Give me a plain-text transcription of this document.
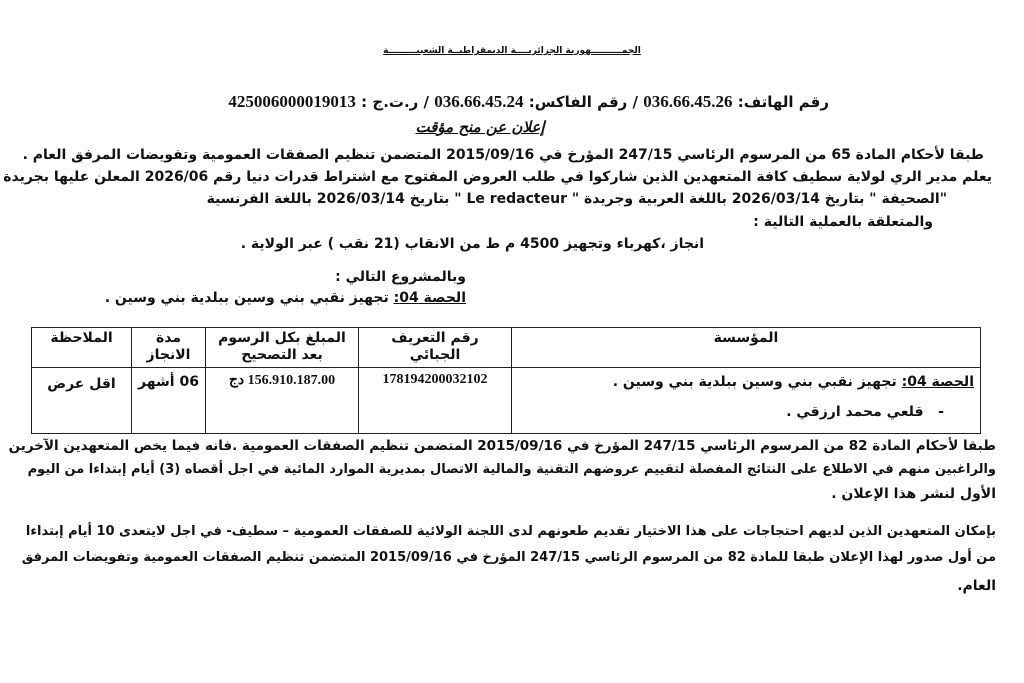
الجمــــــــــهورية الجزائريــــة الديمقراطيــة الشعبيـــــــــة
رقم الهاتف: 036.66.45.26 / رقم الفاكس: 036.66.45.24 / ر.ت.ج : 425006000019013
إعلان عن منح مؤقت
طبقا لأحكام المادة 65 من المرسوم الرئاسي 247/15 المؤرخ في 2015/09/16 المتضمن تنظيم الصفقات العمومية وتفويضات المرفق العام .
يعلم مدير الري لولاية سطيف كافة المتعهدين الذين شاركوا في طلب العروض المفتوح مع اشتراط قدرات دنيا رقم 2026/06 المعلن عليها بجريدة
"الصحيفة " بتاريخ 2026/03/14 باللغة العربية وجريدة " Le redacteur " بتاريخ 2026/03/14 باللغة الفرنسية
والمتعلقة بالعملية التالية :
انجاز ،كهرباء وتجهيز 4500 م ط من الانقاب (21 نقب ) عبر الولاية .
وبالمشروع التالي :
الحصة 04: تجهيز نقبي بني وسين ببلدية بني وسين .
المؤسسة	رقم التعريف الجبائي	المبلغ بكل الرسوم بعد التصحيح	مدة الانجاز	الملاحظة

الحصة 04: تجهيز نقبي بني وسين ببلدية بني وسين .
-   قلعي محمد ارزقي .	178194200032102	156.910.187.00 دج	06 أشهر	اقل عرض
طبقا لأحكام المادة 82 من المرسوم الرئاسي 247/15 المؤرخ في 2015/09/16 المتضمن تنظيم الصفقات العمومية .فانه فيما يخص المتعهدين الآخرين
والراغبين منهم في الاطلاع على النتائج المفصلة لتقييم عروضهم التقنية والمالية الاتصال بمديرية الموارد المائية في اجل أقصاه (3) أيام إبتداءا من اليوم
الأول لنشر هذا الإعلان .
بإمكان المتعهدين الذين لديهم احتجاجات على هذا الاختيار تقديم طعونهم لدى اللجنة الولائية للصفقات العمومية – سطيف- في اجل لايتعدى 10 أيام إبتداءا
من أول صدور لهذا الإعلان طبقا للمادة 82 من المرسوم الرئاسي 247/15 المؤرخ في 2015/09/16 المتضمن تنظيم الصفقات العمومية وتفويضات المرفق
العام.
